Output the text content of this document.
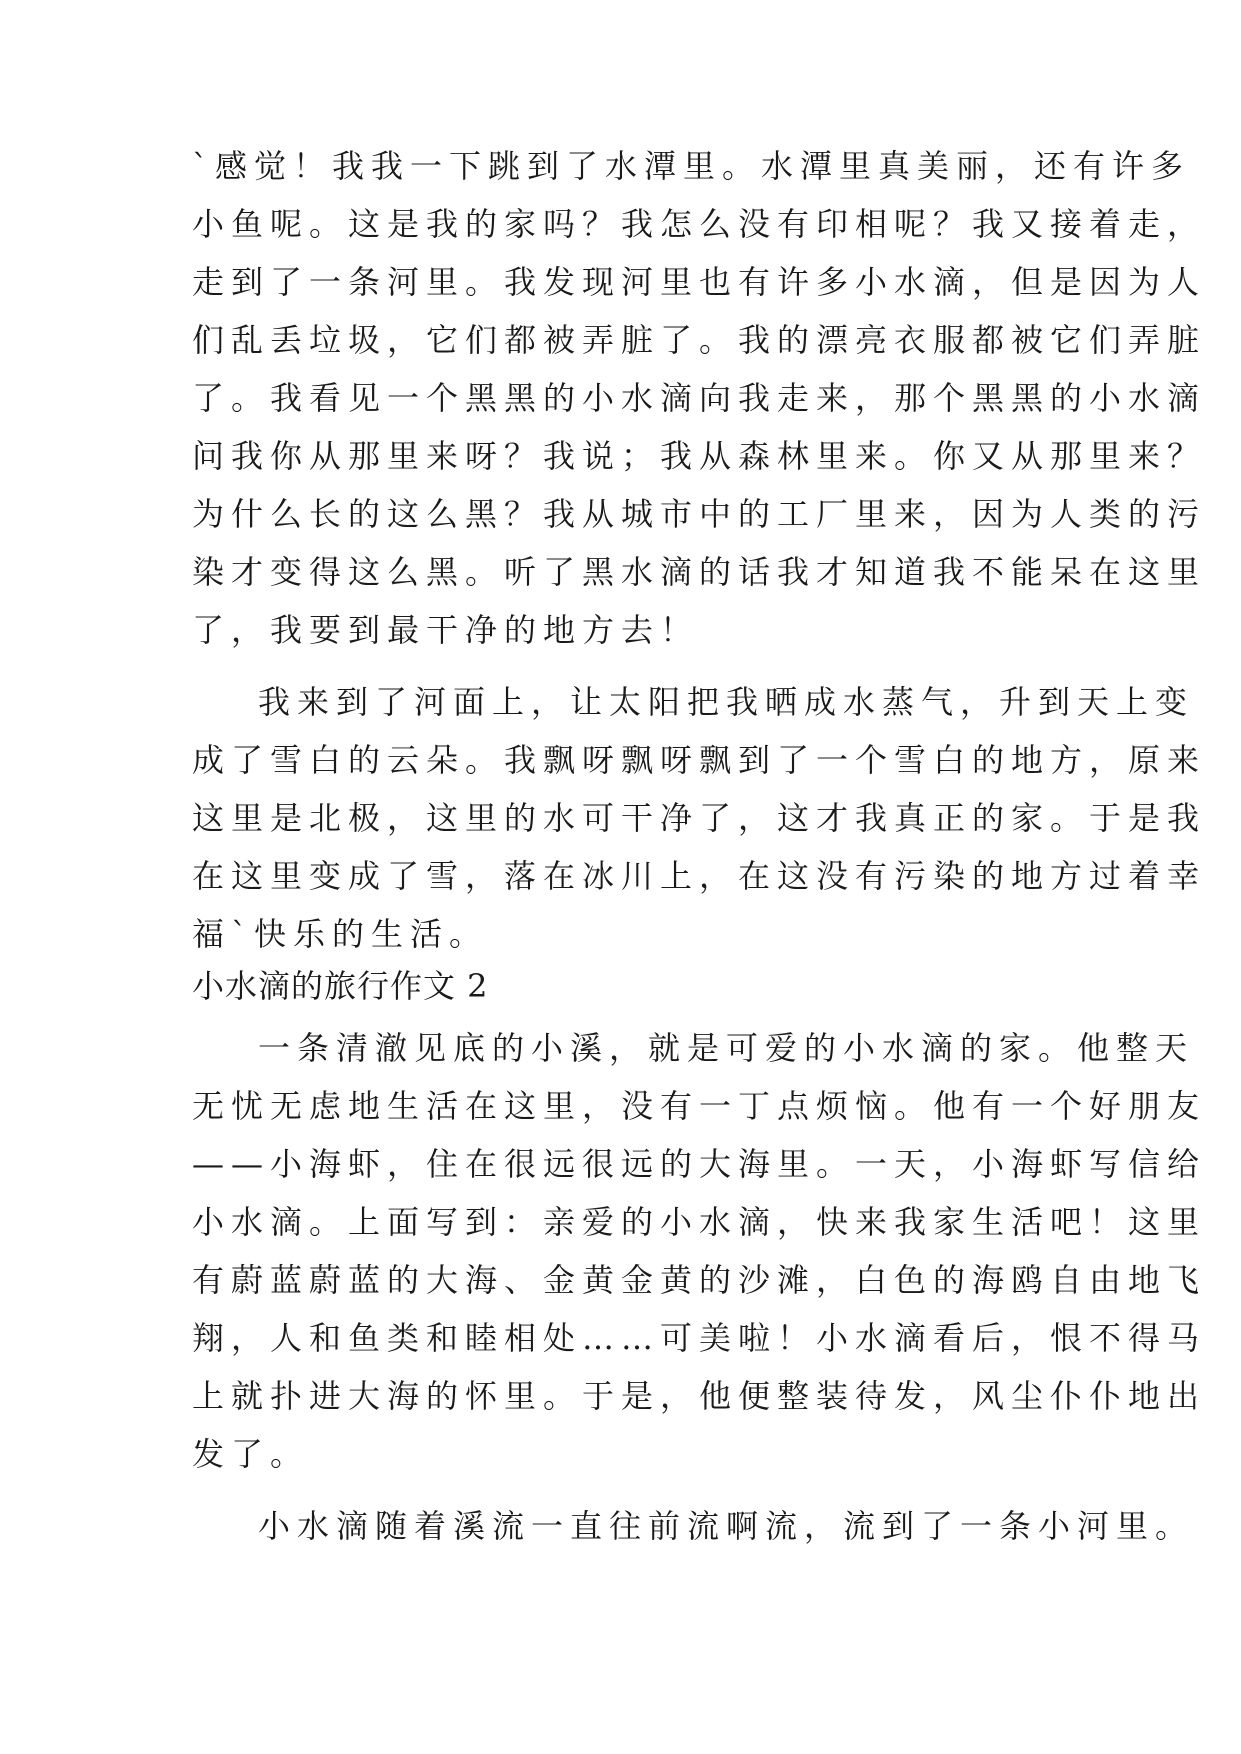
`感觉！我我一下跳到了水潭里。水潭里真美丽，还有许多
小鱼呢。这是我的家吗？我怎么没有印相呢？我又接着走，
走到了一条河里。我发现河里也有许多小水滴，但是因为人
们乱丢垃圾，它们都被弄脏了。我的漂亮衣服都被它们弄脏
了。我看见一个黑黑的小水滴向我走来，那个黑黑的小水滴
问我你从那里来呀？我说；我从森林里来。你又从那里来？
为什么长的这么黑？我从城市中的工厂里来，因为人类的污
染才变得这么黑。听了黑水滴的话我才知道我不能呆在这里
了，我要到最干净的地方去！
我来到了河面上，让太阳把我晒成水蒸气，升到天上变
成了雪白的云朵。我飘呀飘呀飘到了一个雪白的地方，原来
这里是北极，这里的水可干净了，这才我真正的家。于是我
在这里变成了雪，落在冰川上，在这没有污染的地方过着幸
福`快乐的生活。
小水滴的旅行作文 2
一条清澈见底的小溪，就是可爱的小水滴的家。他整天
无忧无虑地生活在这里，没有一丁点烦恼。他有一个好朋友
——小海虾，住在很远很远的大海里。一天，小海虾写信给
小水滴。上面写到：亲爱的小水滴，快来我家生活吧！这里
有蔚蓝蔚蓝的大海、金黄金黄的沙滩，白色的海鸥自由地飞
翔，人和鱼类和睦相处……可美啦！小水滴看后，恨不得马
上就扑进大海的怀里。于是，他便整装待发，风尘仆仆地出
发了。
小水滴随着溪流一直往前流啊流，流到了一条小河里。
